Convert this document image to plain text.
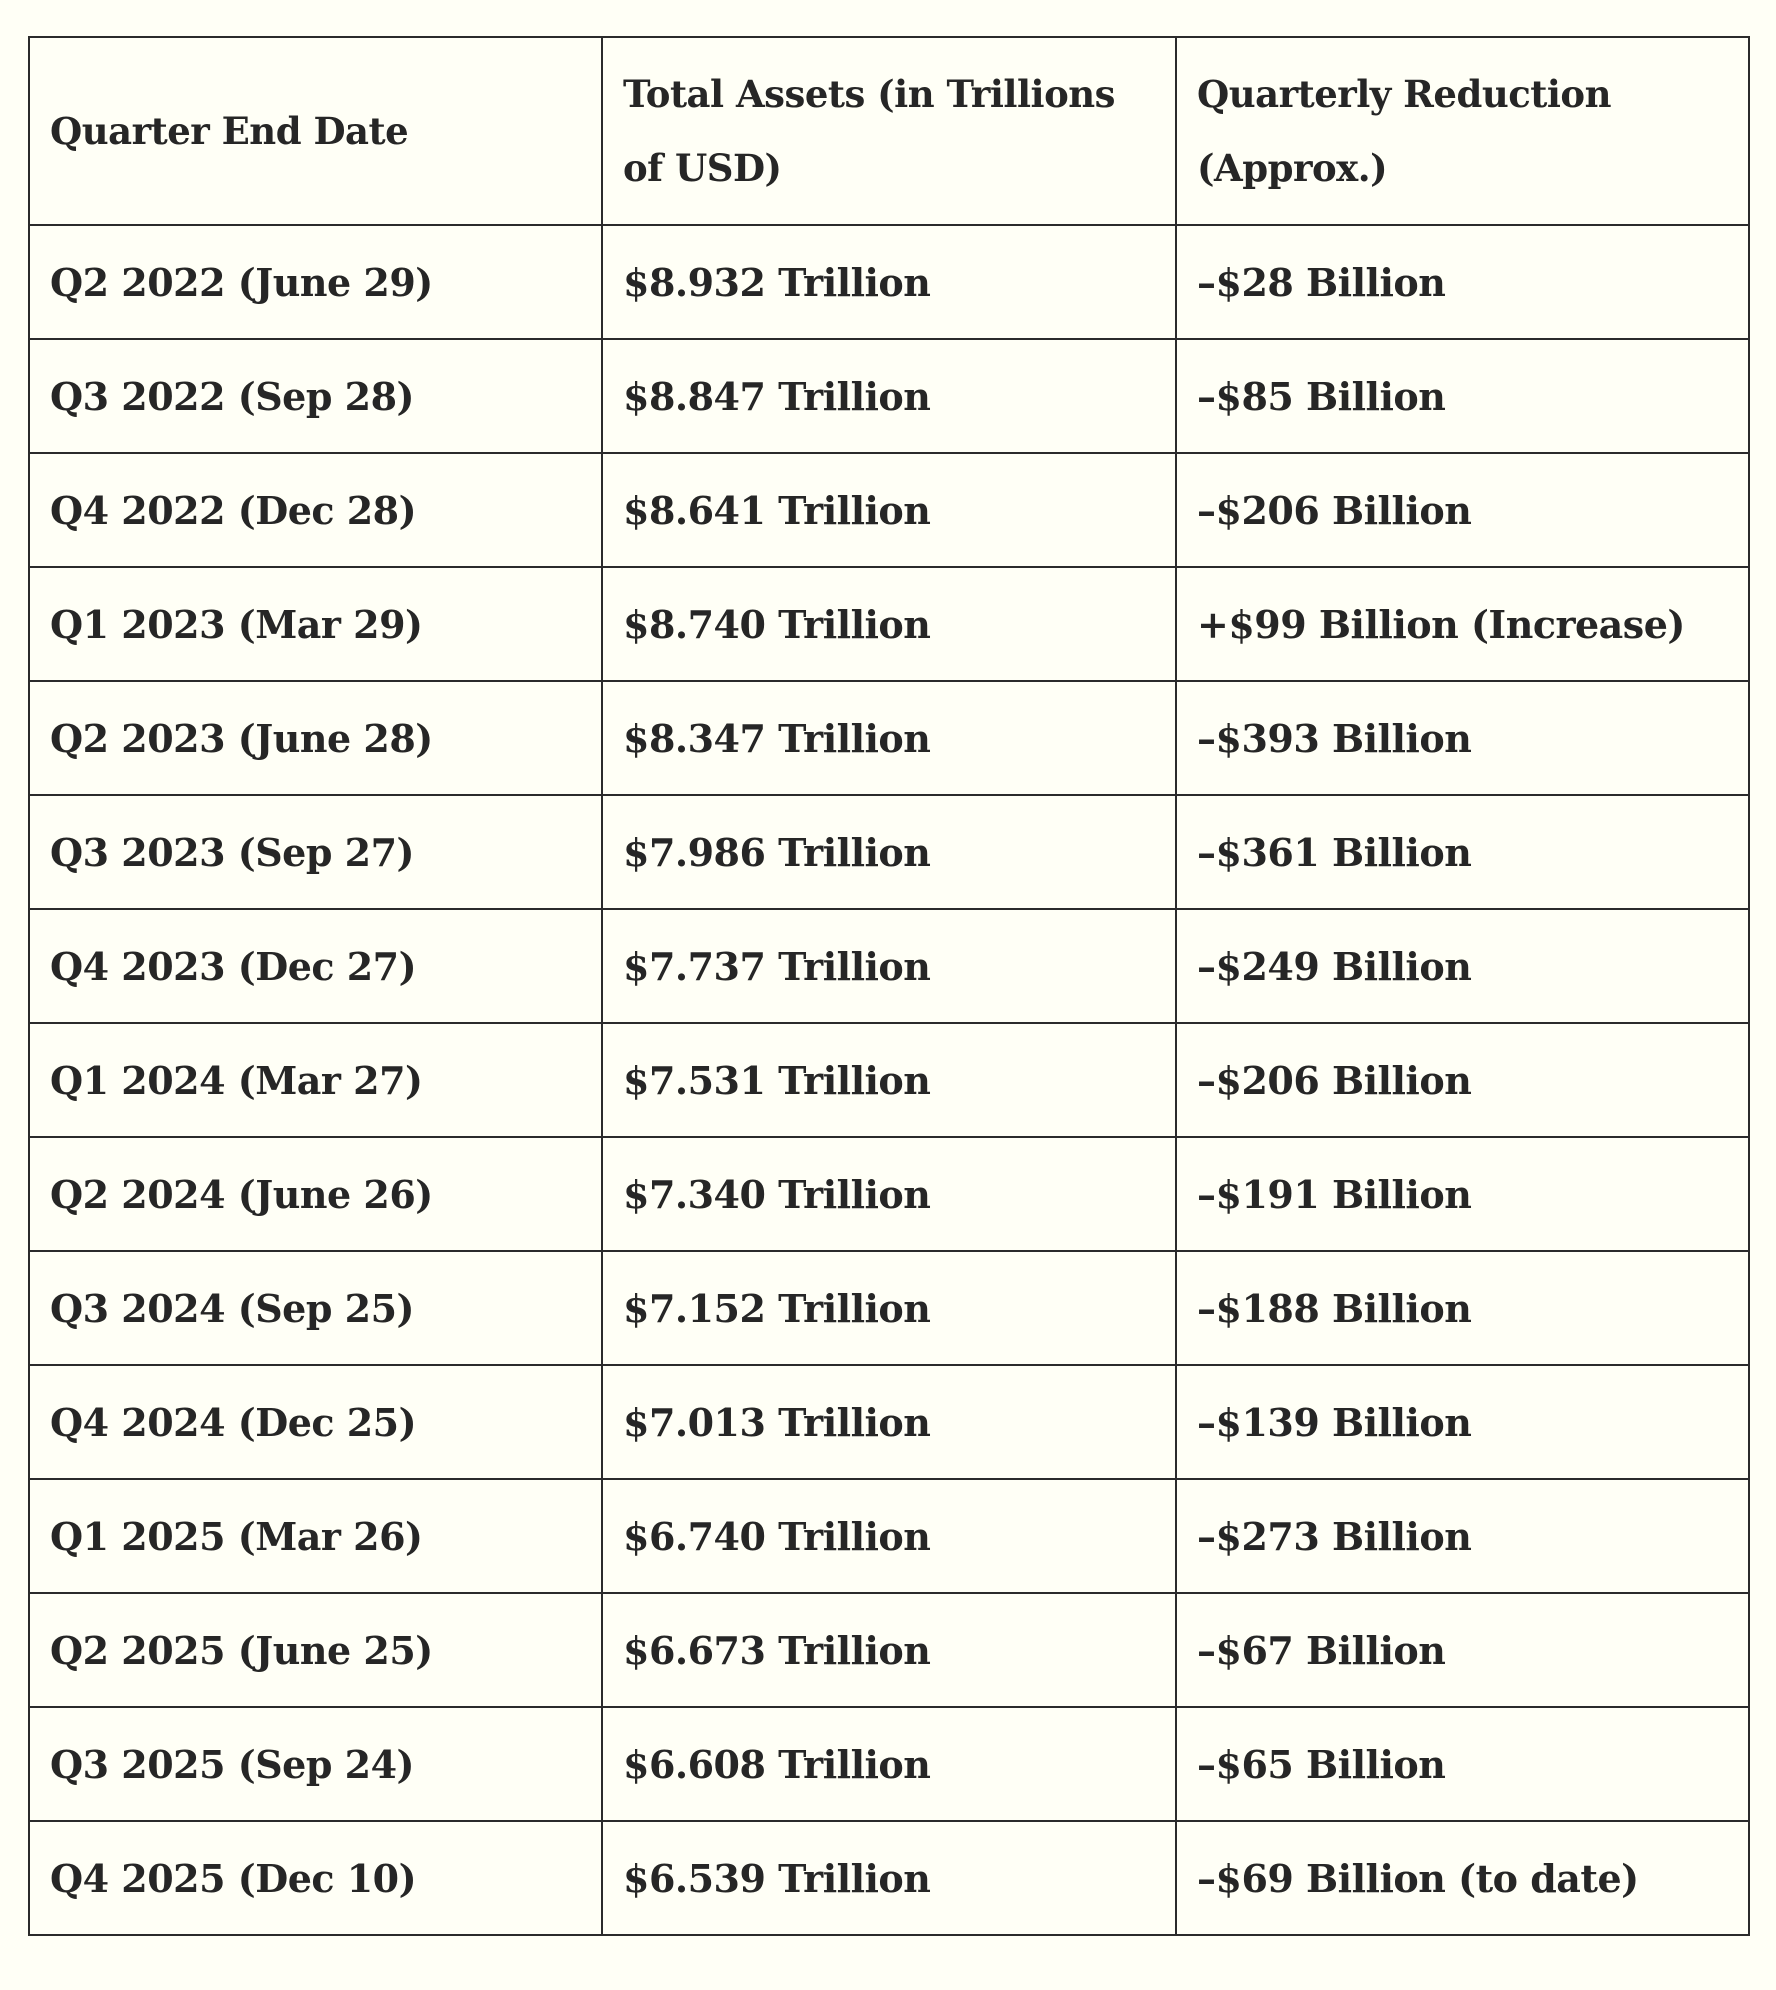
Quarter End Date	Total Assets (in Trillions of USD)	Quarterly Reduction (Approx.)
Q2 2022 (June 29)	$8.932 Trillion	–$28 Billion
Q3 2022 (Sep 28)	$8.847 Trillion	–$85 Billion
Q4 2022 (Dec 28)	$8.641 Trillion	–$206 Billion
Q1 2023 (Mar 29)	$8.740 Trillion	+$99 Billion (Increase)
Q2 2023 (June 28)	$8.347 Trillion	–$393 Billion
Q3 2023 (Sep 27)	$7.986 Trillion	–$361 Billion
Q4 2023 (Dec 27)	$7.737 Trillion	–$249 Billion
Q1 2024 (Mar 27)	$7.531 Trillion	–$206 Billion
Q2 2024 (June 26)	$7.340 Trillion	–$191 Billion
Q3 2024 (Sep 25)	$7.152 Trillion	–$188 Billion
Q4 2024 (Dec 25)	$7.013 Trillion	–$139 Billion
Q1 2025 (Mar 26)	$6.740 Trillion	–$273 Billion
Q2 2025 (June 25)	$6.673 Trillion	–$67 Billion
Q3 2025 (Sep 24)	$6.608 Trillion	–$65 Billion
Q4 2025 (Dec 10)	$6.539 Trillion	–$69 Billion (to date)
